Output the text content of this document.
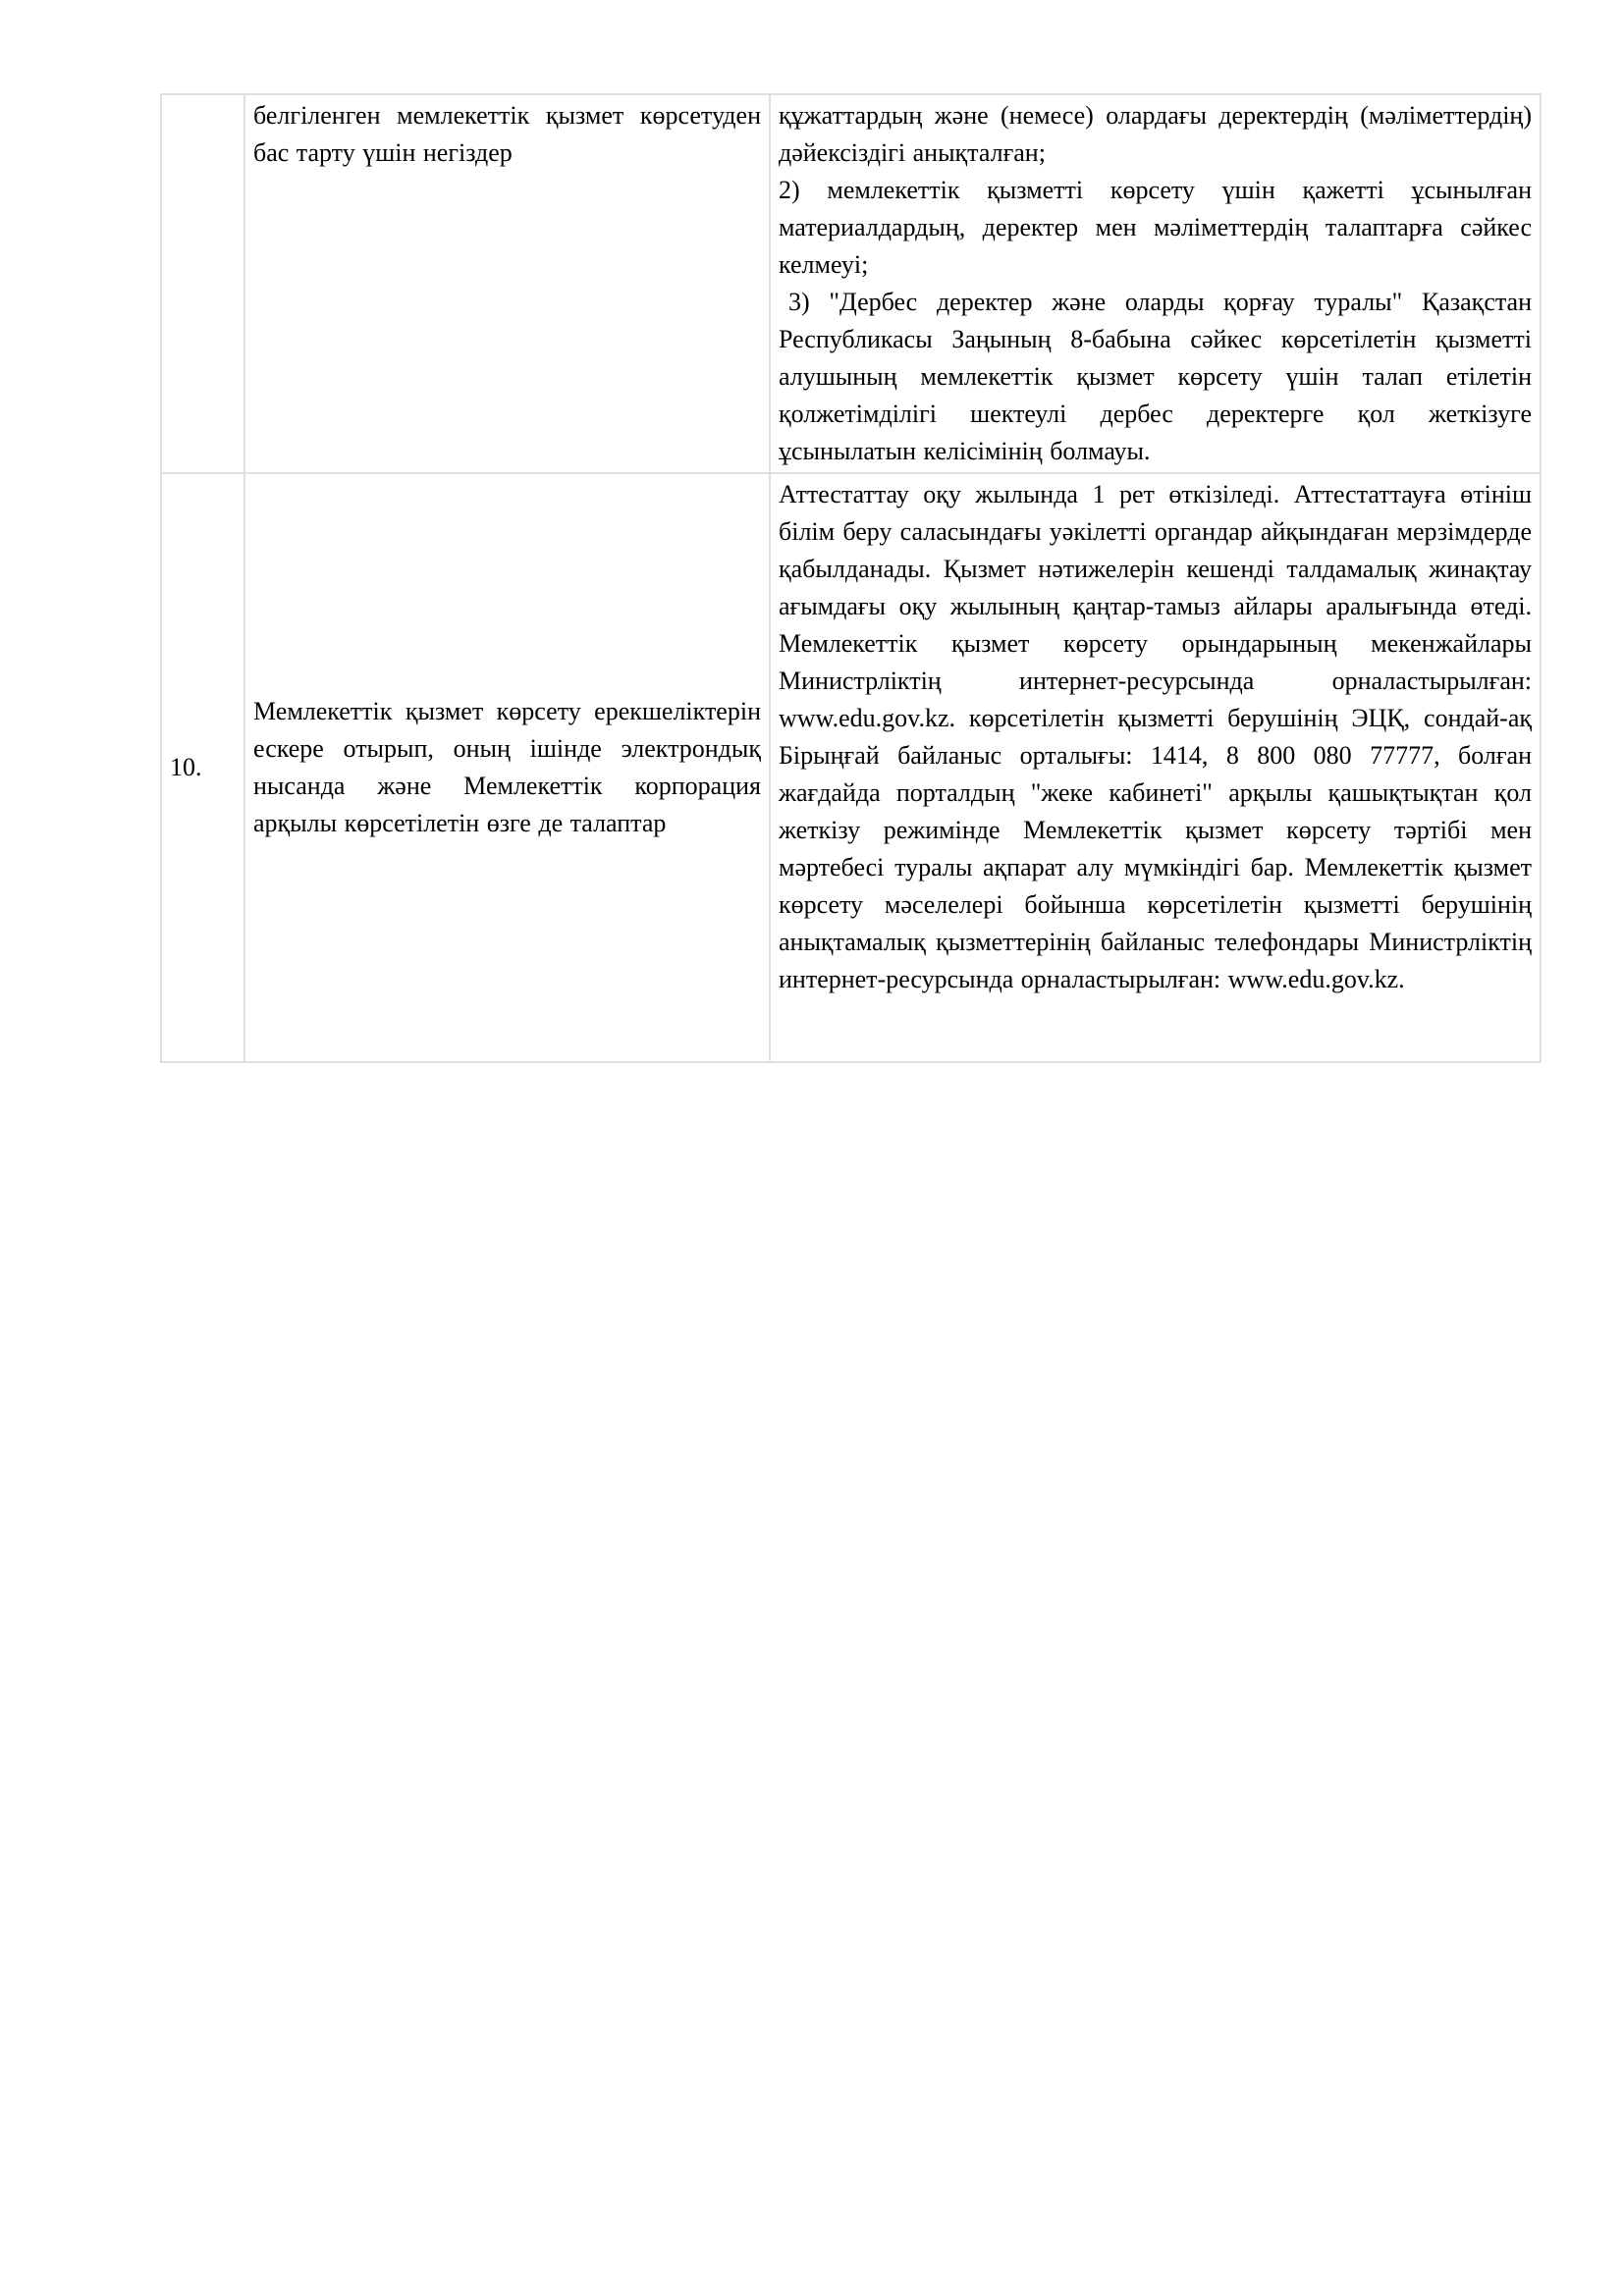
	белгіленген мемлекеттік қызмет көрсетуден бас тарту үшін негіздер	құжаттардың және (немесе) олардағы деректердің (мәліметтердің) дәйексіздігі анықталған;

2) мемлекеттік қызметті көрсету үшін қажетті ұсынылған материалдардың, деректер мен мәліметтердің талаптарға сәйкес келмеуі;

3) "Дербес деректер және оларды қорғау туралы" Қазақстан Республикасы Заңының 8-бабына сәйкес көрсетілетін қызметті алушының мемлекеттік қызмет көрсету үшін талап етілетін қолжетімділігі шектеулі дербес деректерге қол жеткізуге ұсынылатын келісімінің болмауы.

10.	Мемлекеттік қызмет көрсету ерекшеліктерін ескере отырып, оның ішінде электрондық нысанда және Мемлекеттік корпорация арқылы көрсетілетін өзге де талаптар	Аттестаттау оқу жылында 1 рет өткізіледі. Аттестаттауға өтініш білім беру саласындағы уәкілетті органдар айқындаған мерзімдерде қабылданады. Қызмет нәтижелерін кешенді талдамалық жинақтау ағымдағы оқу жылының қаңтар-тамыз айлары аралығында өтеді. Мемлекеттік қызмет көрсету орындарының мекенжайлары Министрліктің интернет-ресурсында орналастырылған: www.edu.gov.kz. көрсетілетін қызметті берушінің ЭЦҚ, сондай-ақ Бірыңғай байланыс орталығы: 1414, 8 800 080 77777, болған жағдайда порталдың "жеке кабинеті" арқылы қашықтықтан қол жеткізу режимінде Мемлекеттік қызмет көрсету тәртібі мен мәртебесі туралы ақпарат алу мүмкіндігі бар. Мемлекеттік қызмет көрсету мәселелері бойынша көрсетілетін қызметті берушінің анықтамалық қызметтерінің байланыс телефондары Министрліктің интернет-ресурсында орналастырылған: www.edu.gov.kz.
